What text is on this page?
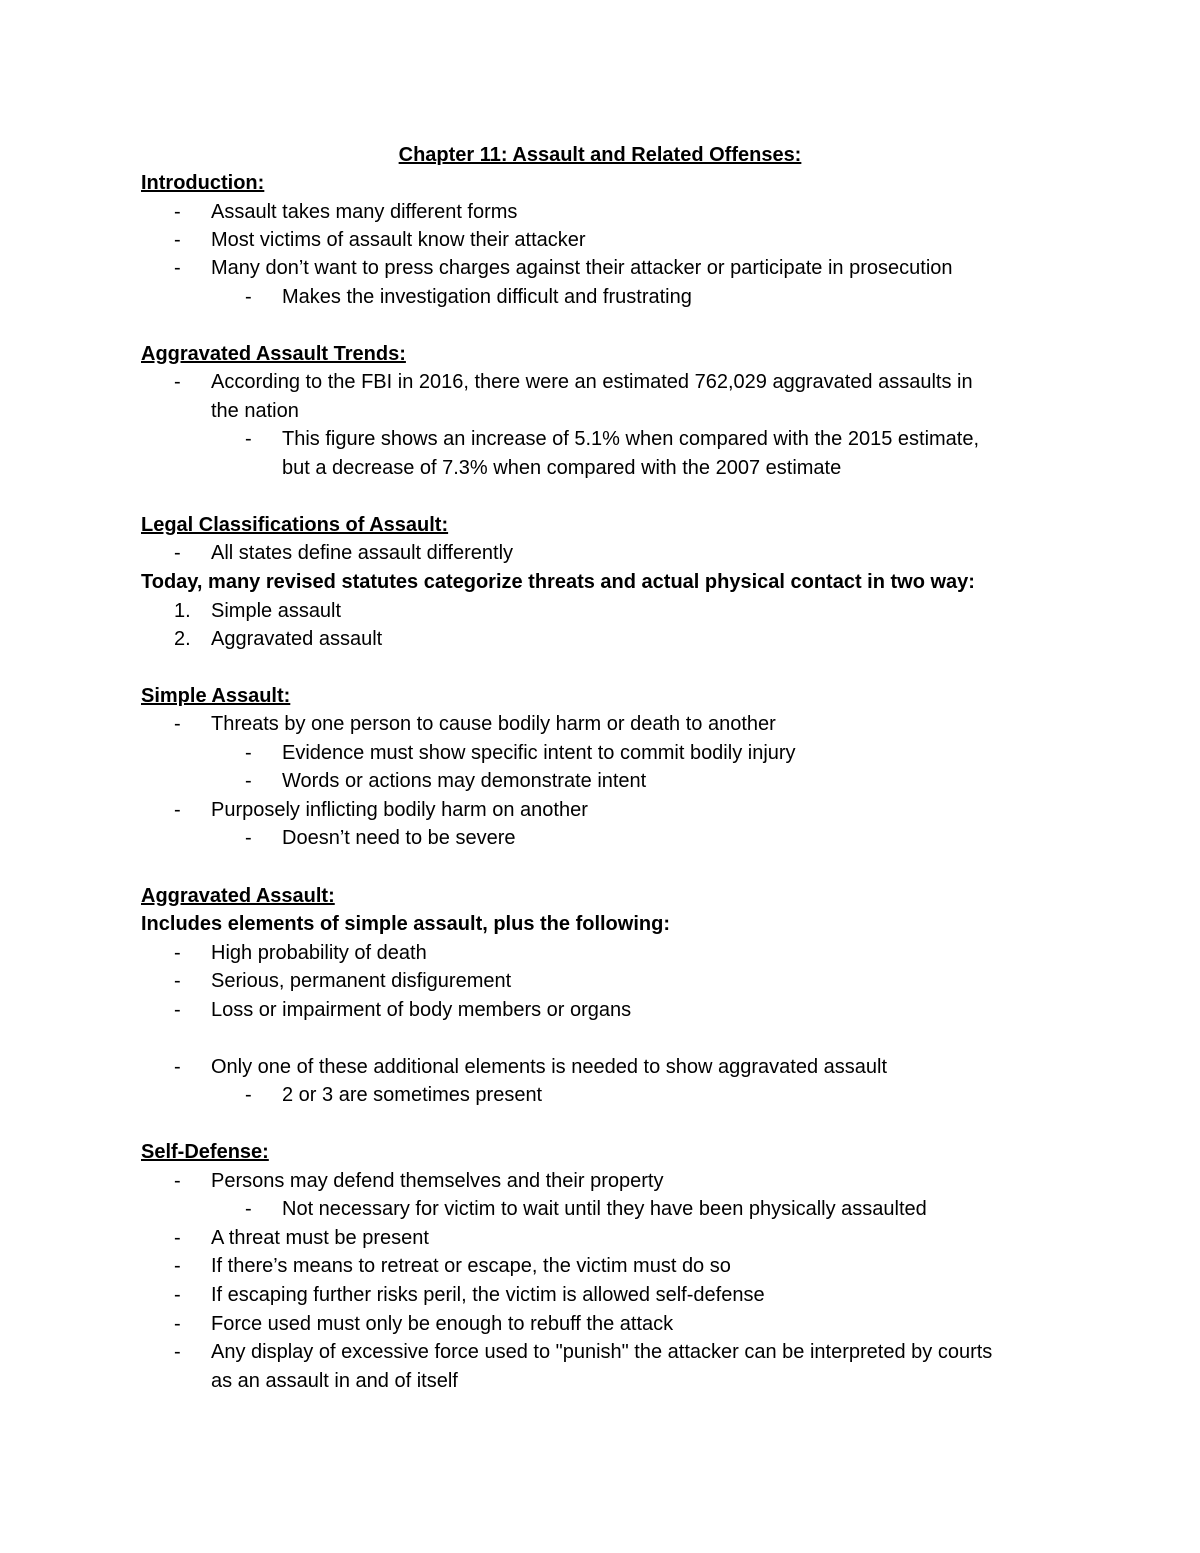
Chapter 11: Assault and Related Offenses:
Introduction:
- Assault takes many different forms
- Most victims of assault know their attacker
- Many don’t want to press charges against their attacker or participate in prosecution
- Makes the investigation difficult and frustrating
Aggravated Assault Trends:
- According to the FBI in 2016, there were an estimated 762,029 aggravated assaults in
the nation
- This figure shows an increase of 5.1% when compared with the 2015 estimate,
but a decrease of 7.3% when compared with the 2007 estimate
Legal Classifications of Assault:
- All states define assault differently
Today, many revised statutes categorize threats and actual physical contact in two way:
1. Simple assault
2. Aggravated assault
Simple Assault:
- Threats by one person to cause bodily harm or death to another
- Evidence must show specific intent to commit bodily injury
- Words or actions may demonstrate intent
- Purposely inflicting bodily harm on another
- Doesn’t need to be severe
Aggravated Assault:
Includes elements of simple assault, plus the following:
- High probability of death
- Serious, permanent disfigurement
- Loss or impairment of body members or organs
- Only one of these additional elements is needed to show aggravated assault
- 2 or 3 are sometimes present
Self-Defense:
- Persons may defend themselves and their property
- Not necessary for victim to wait until they have been physically assaulted
- A threat must be present
- If there’s means to retreat or escape, the victim must do so
- If escaping further risks peril, the victim is allowed self-defense
- Force used must only be enough to rebuff the attack
- Any display of excessive force used to "punish" the attacker can be interpreted by courts
as an assault in and of itself
